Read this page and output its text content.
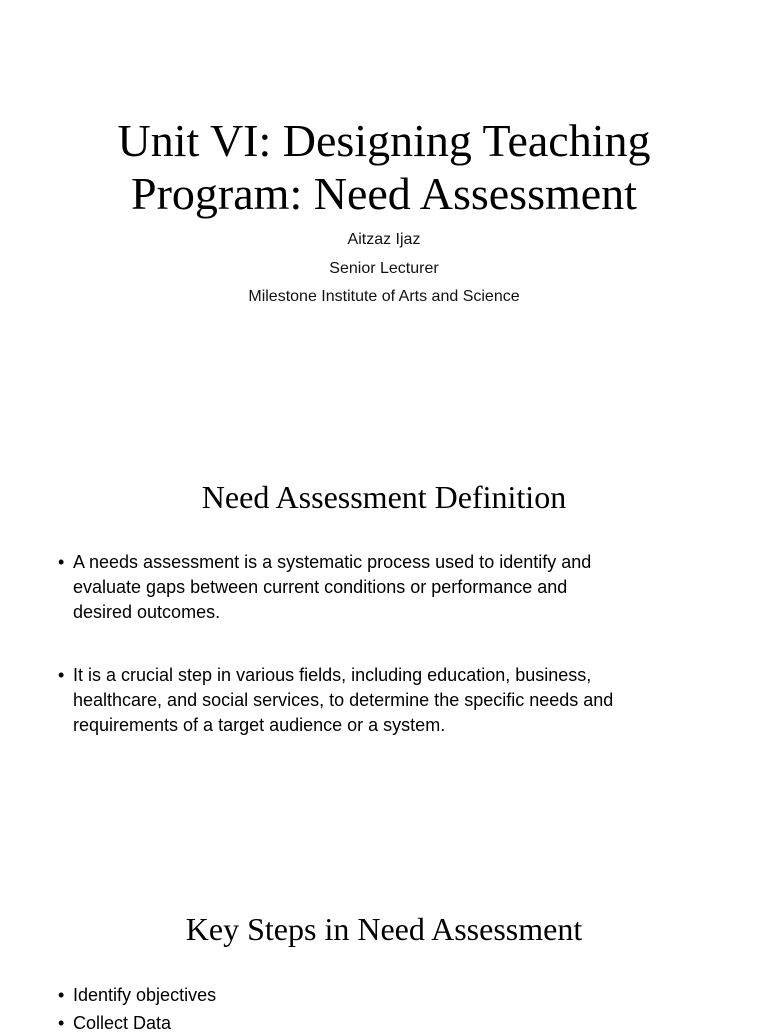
Unit VI: Designing Teaching
Program: Need Assessment
Aitzaz Ijaz
Senior Lecturer
Milestone Institute of Arts and Science
Need Assessment Definition
• A needs assessment is a systematic process used to identify and
evaluate gaps between current conditions or performance and
desired outcomes.
• It is a crucial step in various fields, including education, business,
healthcare, and social services, to determine the specific needs and
requirements of a target audience or a system.
Key Steps in Need Assessment
• Identify objectives
• Collect Data
